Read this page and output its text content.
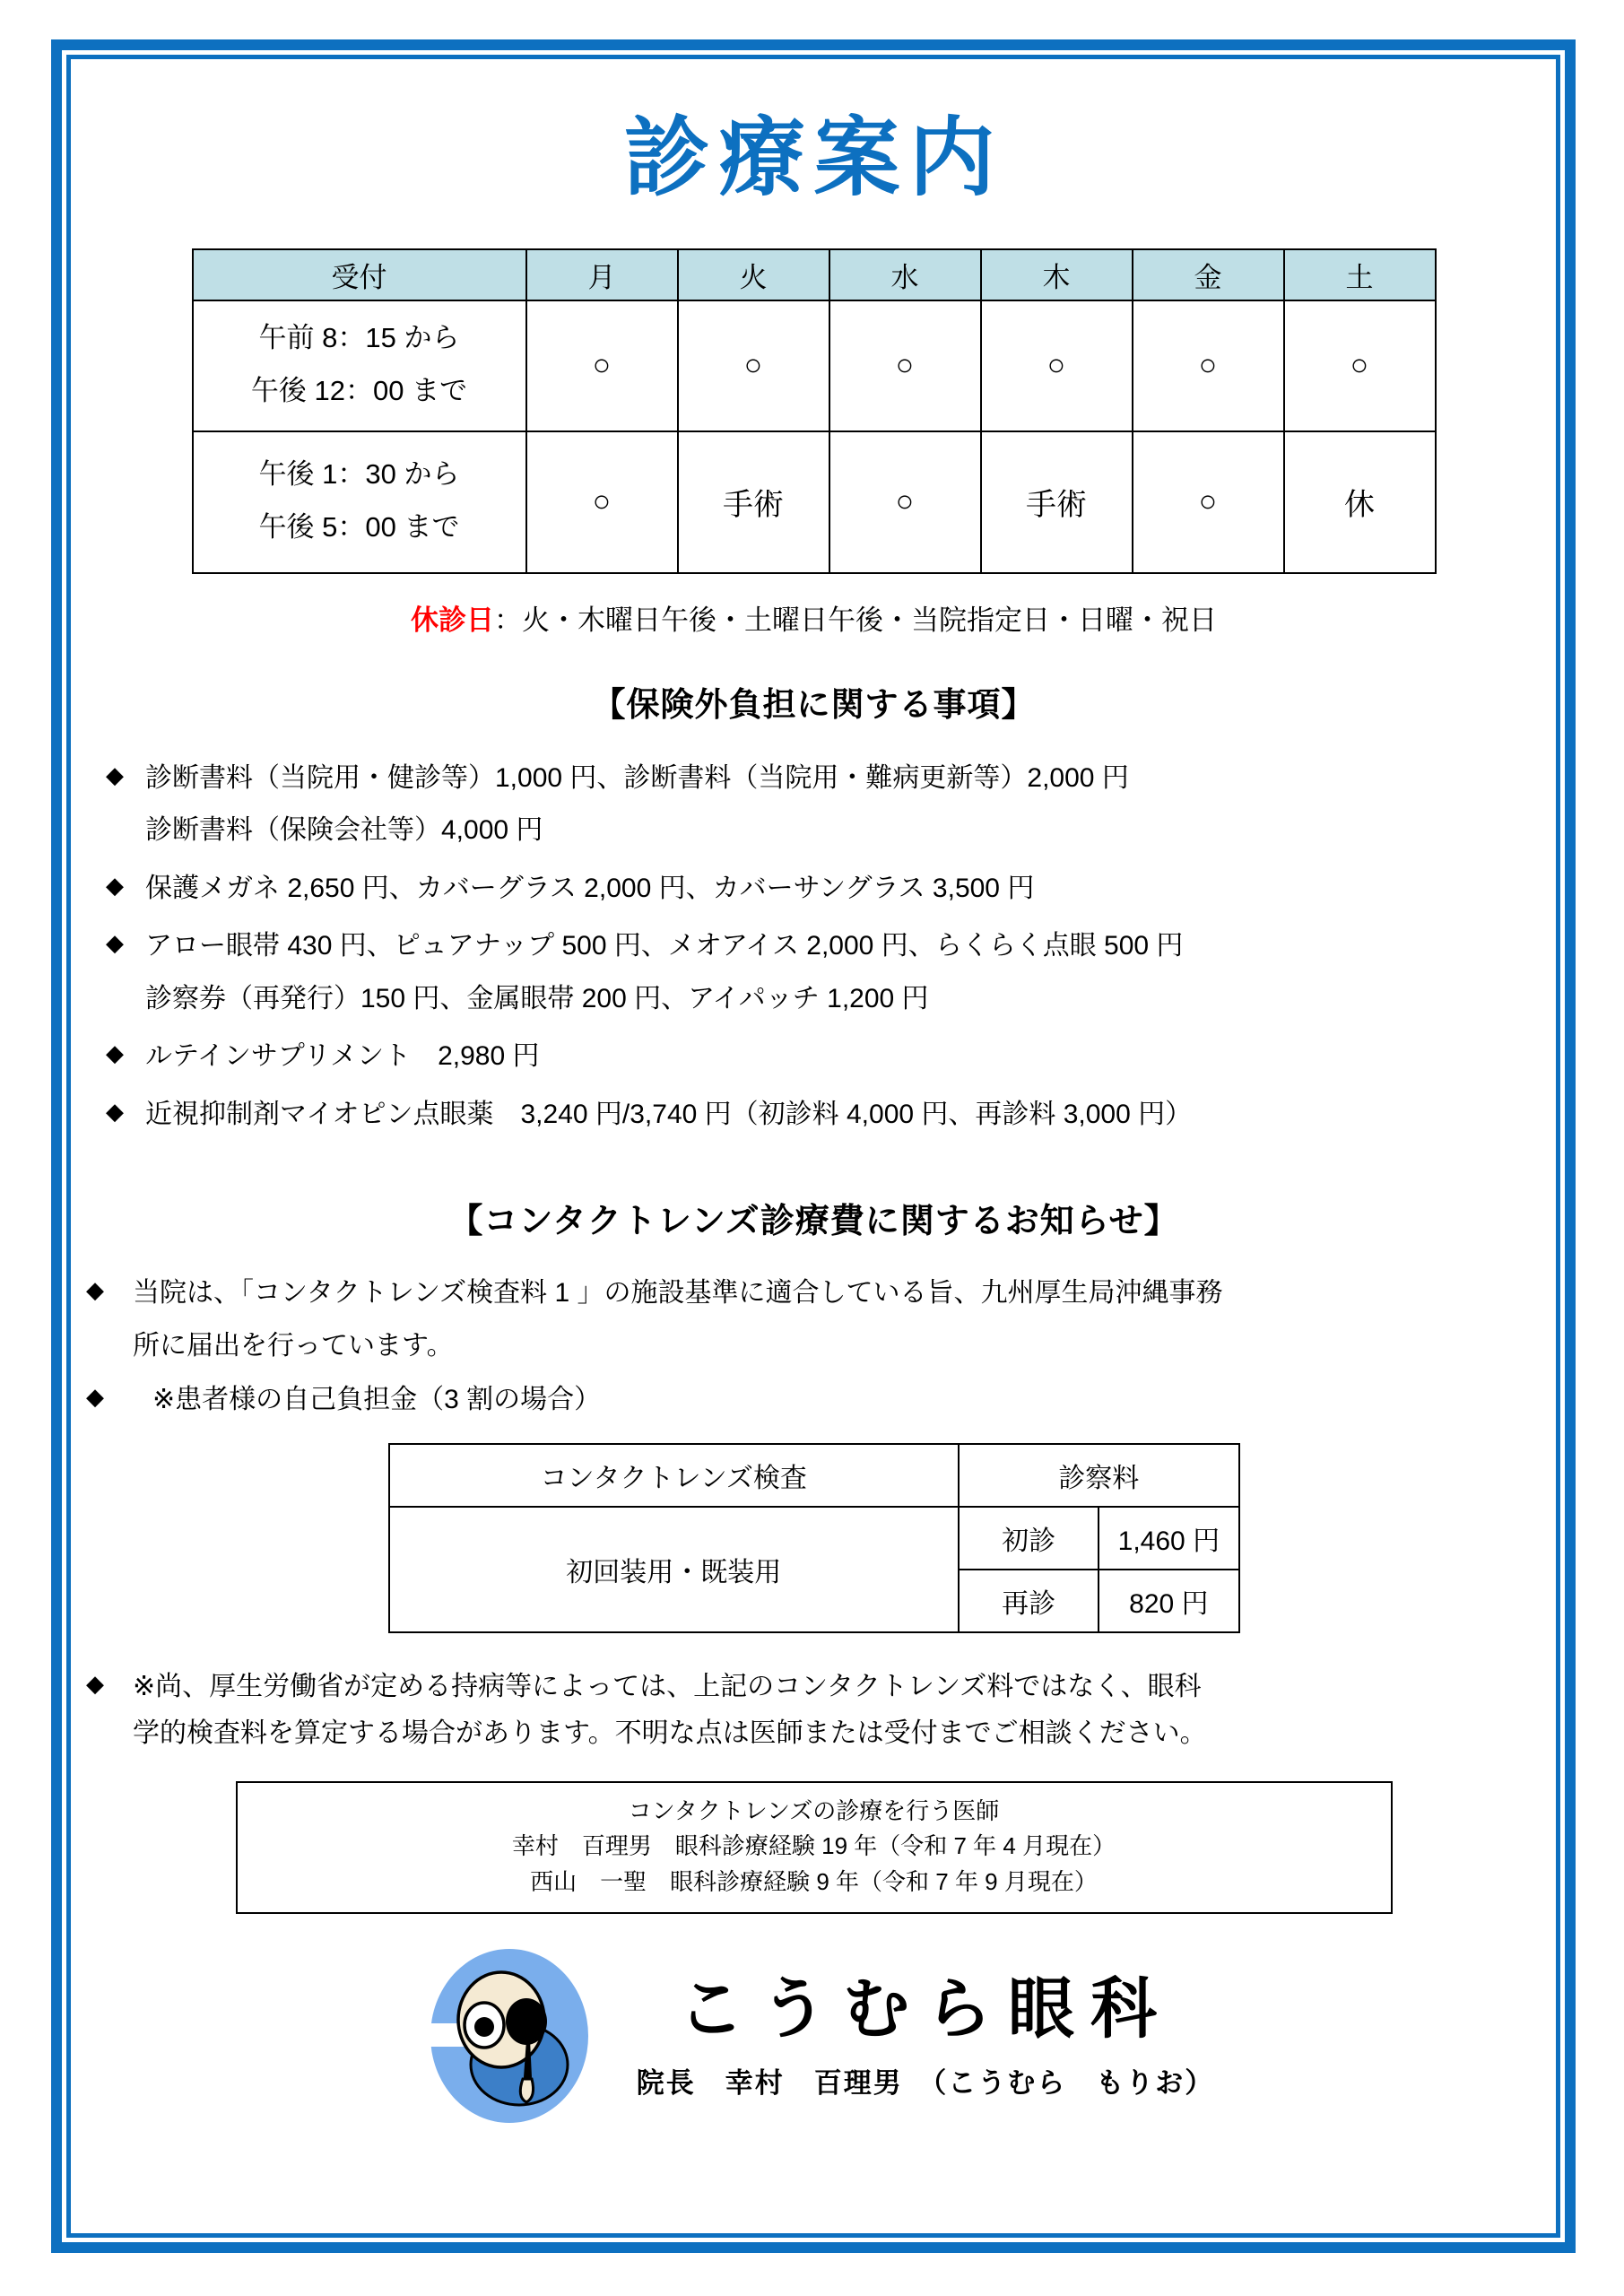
診療案内
受付	月	火	水	木	金	土

午前 8：15 から
午後 12：00 まで	○	○	○	○	○	○

午後 1：30 から
午後 5：00 まで	○	手術	○	手術	○	休
休診日：火・木曜日午後・土曜日午後・当院指定日・日曜・祝日
【保険外負担に関する事項】
◆ 診断書料（当院用・健診等）1,000 円、診断書料（当院用・難病更新等）2,000 円
診断書料（保険会社等）4,000 円
◆ 保護メガネ 2,650 円、カバーグラス 2,000 円、カバーサングラス 3,500 円
◆ アロー眼帯 430 円、ピュアナップ 500 円、メオアイス 2,000 円、らくらく点眼 500 円
診察券（再発行）150 円、金属眼帯 200 円、アイパッチ 1,200 円
◆ ルテインサプリメント　2,980 円
◆ 近視抑制剤マイオピン点眼薬　3,240 円/3,740 円（初診料 4,000 円、再診料 3,000 円）
【コンタクトレンズ診療費に関するお知らせ】
◆ 当院は、「コンタクトレンズ検査料 1 」の施設基準に適合している旨、九州厚生局沖縄事務
所に届出を行っています。
◆	※患者様の自己負担金（3 割の場合）
コンタクトレンズ検査	診察料	
初回装用・既装用	初診	1,460 円
	再診	820 円
◆ ※尚、厚生労働省が定める持病等によっては、上記のコンタクトレンズ料ではなく、眼科
学的検査料を算定する場合があります。不明な点は医師または受付までご相談ください。
コンタクトレンズの診療を行う医師
幸村　百理男　眼科診療経験 19 年（令和 7 年 4 月現在）
西山　一聖　眼科診療経験 9 年（令和 7 年 9 月現在）
こうむら眼科
院長　幸村　百理男　（こうむら　もりお）
